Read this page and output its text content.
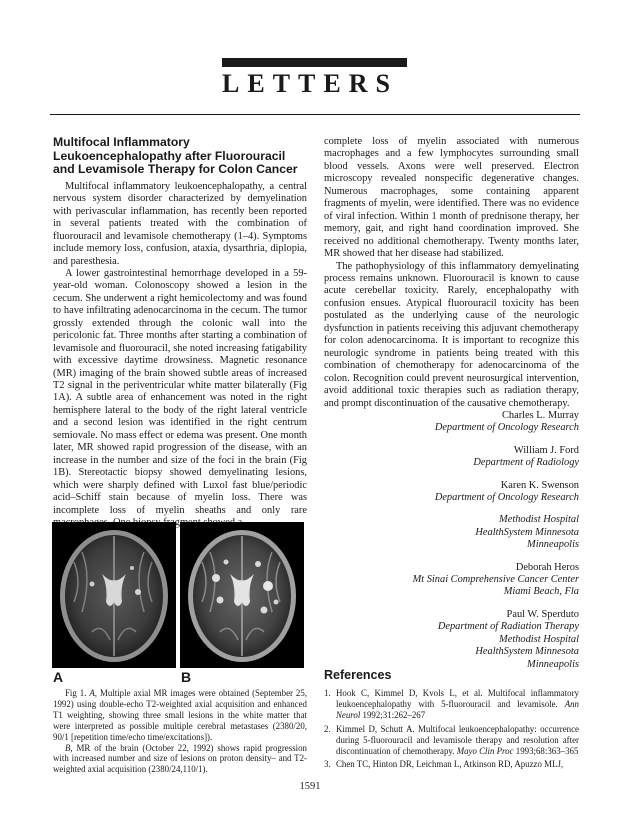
LETTERS
Multifocal Inflammatory Leukoencephalopathy after Fluorouracil and Levamisole Therapy for Colon Cancer

Multifocal inflammatory leukoencephalopathy, a central nervous system disorder characterized by demyelination with perivascular inflammation, has recently been reported in several patients treated with the combination of fluorouracil and levamisole chemotherapy (1–4). Symptoms include memory loss, confusion, ataxia, dysarthria, diplopia, and paresthesia.

A lower gastrointestinal hemorrhage developed in a 59-year-old woman. Colonoscopy showed a lesion in the cecum. She underwent a right hemicolectomy and was found to have infiltrating adenocarcinoma in the cecum. The tumor grossly extended through the colonic wall into the pericolonic fat. Three months after starting a combination of levamisole and fluorouracil, she noted increasing fatigability with excessive daytime drowsiness. Magnetic resonance (MR) imaging of the brain showed subtle areas of increased T2 signal in the periventricular white matter bilaterally (Fig 1A). A subtle area of enhancement was noted in the right hemisphere lateral to the body of the right lateral ventricle and a second lesion was identified in the right centrum semiovale. No mass effect or edema was present. One month later, MR showed rapid progression of the disease, with an increase in the number and size of the foci in the brain (Fig 1B). Stereotactic biopsy showed demyelinating lesions, which were sharply defined with Luxol fast blue/periodic acid–Schiff stain because of myelin loss. There was incomplete loss of myelin sheaths and only rare

complete loss of myelin associated with numerous macrophages and a few lymphocytes surrounding small blood vessels. Axons were well preserved. Electron microscopy revealed nonspecific degenerative changes. Numerous macrophages, some containing apparent fragments of myelin, were identified. There was no evidence of viral infection. Within 1 month of prednisone therapy, her memory, gait, and right hand coordination improved. She received no additional chemotherapy. Twenty months later, MR showed that her disease had stabilized.

The pathophysiology of this inflammatory demyelinating process remains unknown. Fluorouracil is known to cause acute cerebellar toxicity. Rarely, encephalopathy with confusion ensues. Atypical fluorouracil toxicity has been postulated as the underlying cause of the neurologic dysfunction in patients receiving this adjuvant chemotherapy for colon adenocarcinoma. It is important to recognize this neurologic syndrome in patients being treated with this combination of chemotherapy for adenocarcinoma of the colon. Recognition could prevent neurosurgical intervention, avoid additional toxic therapies such as radiation therapy, and prompt discontinuation of the causative chemotherapy.

Charles L. Murray
Department of Oncology Research
William J. Ford
Department of Radiology
Karen K. Swenson
Department of Oncology Research
Methodist Hospital
HealthSystem Minnesota
Minneapolis
Deborah Heros
Mt Sinai Comprehensive Cancer Center
Miami Beach, Fla
Paul W. Sperduto
Department of Radiation Therapy
Methodist Hospital
HealthSystem Minnesota
Minneapolis
A	B

Fig 1. A, Multiple axial MR images were obtained (September 25, 1992) using double-echo T2-weighted axial acquisition and enhanced T1 weighting, showing three small lesions in the white matter that were interpreted as possible multiple cerebral metastases (2380/20, 90/1 [repetition time/echo time/excitations]).

B, MR of the brain (October 22, 1992) shows rapid progression with increased number and size of lesions on proton density– and T2-weighted axial acquisition (2380/24,110/1).

References
1. Hook C, Kimmel D, Kvols L, et al. Multifocal inflammatory leukoencephalopathy with 5-fluorouracil and levamisole. Ann Neurol 1992;31:262–267
2. Kimmel D, Schutt A. Multifocal leukoencephalopathy: occurrence during 5-fluorouracil and levamisole therapy and resolution after discontinuation of chemotherapy. Mayo Clin Proc 1993;68:363–365
3. Chen TC, Hinton DR, Leichman L, Atkinson RD, Apuzzo MLJ,
1591
